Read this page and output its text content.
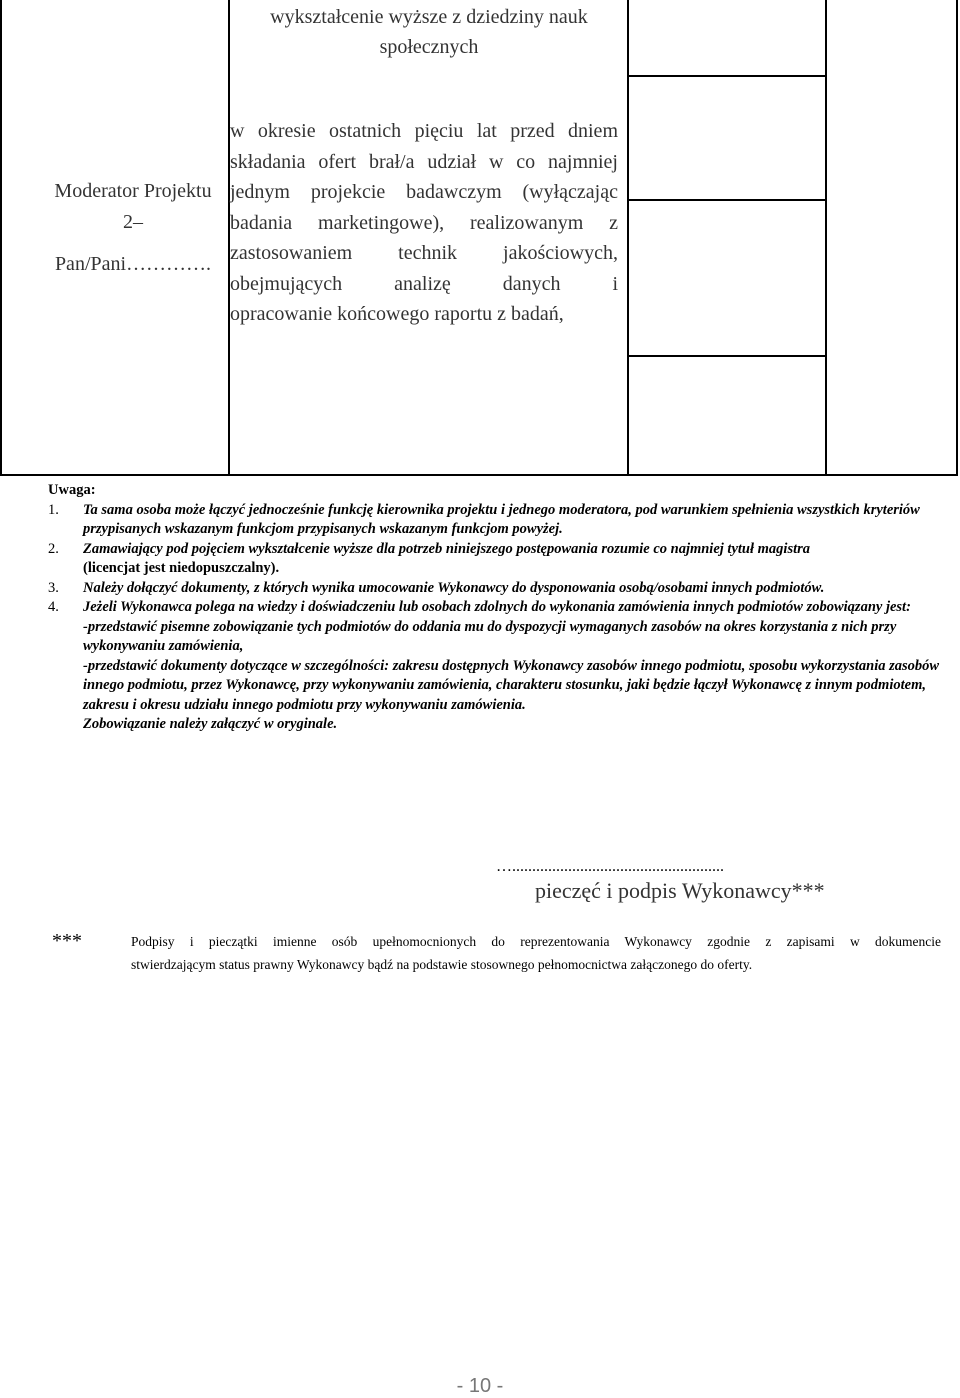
wykształcenie wyższe z dziedziny nauk społecznych
Moderator Projektu
2–
Pan/Pani………….
w okresie ostatnich pięciu lat przed dniem
składania ofert brał/a udział w co najmniej
jednym projekcie badawczym (wyłączając
badania marketingowe), realizowanym z
zastosowaniem technik jakościowych,
obejmujących analizę danych i
opracowanie końcowego raportu z badań,
Uwaga:
1. Ta sama osoba może łączyć jednocześnie funkcję kierownika projektu i jednego moderatora, pod warunkiem spełnienia wszystkich kryteriów przypisanych wskazanym funkcjom przypisanych wskazanym funkcjom powyżej.
2. Zamawiający pod pojęciem wykształcenie wyższe dla potrzeb niniejszego postępowania rozumie co najmniej tytuł magistra
(licencjat jest niedopuszczalny).
3. Należy dołączyć dokumenty, z których wynika umocowanie Wykonawcy do dysponowania osobą/osobami innych podmiotów.
4. Jeżeli Wykonawca polega na wiedzy i doświadczeniu lub osobach zdolnych do wykonania zamówienia innych podmiotów zobowiązany jest:
-przedstawić pisemne zobowiązanie tych podmiotów do oddania mu do dyspozycji wymaganych zasobów na okres korzystania z nich przy wykonywaniu zamówienia,
-przedstawić dokumenty dotyczące w szczególności: zakresu dostępnych Wykonawcy zasobów innego podmiotu, sposobu wykorzystania zasobów innego podmiotu, przez Wykonawcę, przy wykonywaniu zamówienia, charakteru stosunku, jaki będzie łączył Wykonawcę z innym podmiotem, zakresu i okresu udziału innego podmiotu przy wykonywaniu zamówienia.
Zobowiązanie należy załączyć w oryginale.
….....................................................
pieczęć i podpis Wykonawcy***
***	Podpisy i pieczątki imienne osób upełnomocnionych do reprezentowania Wykonawcy zgodnie z zapisami w dokumencie
stwierdzającym status prawny Wykonawcy bądź na podstawie stosownego pełnomocnictwa załączonego do oferty.
- 10 -
